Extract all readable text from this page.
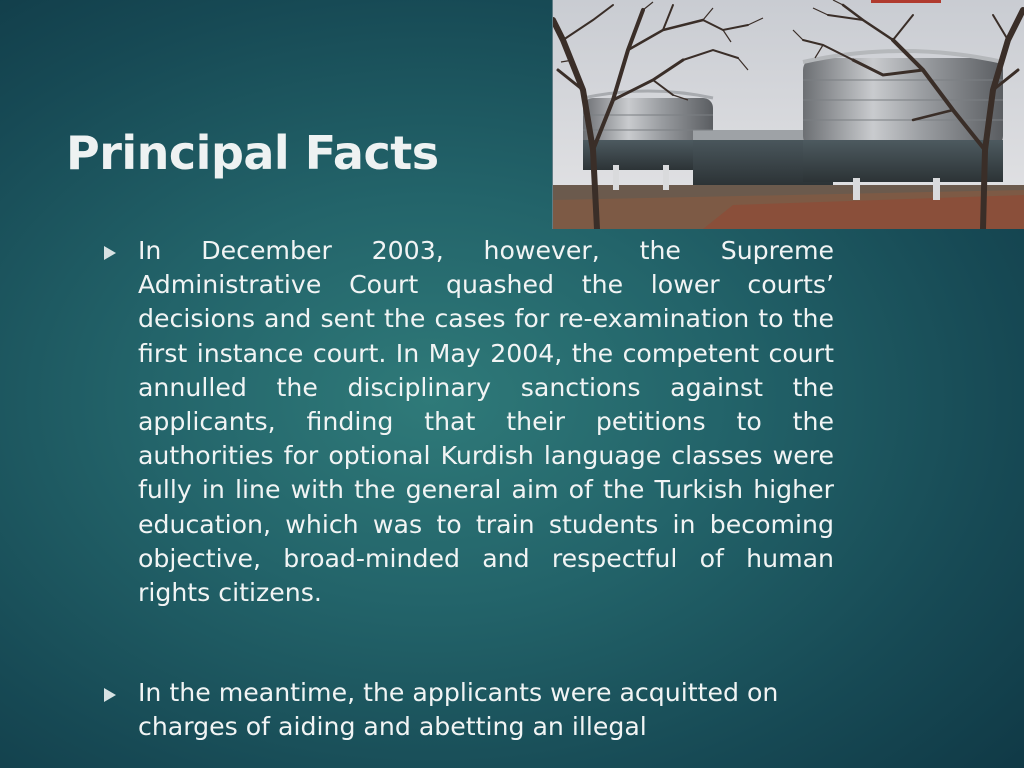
Principal Facts
In December 2003, however, the Supreme Administrative Court quashed the lower courts’ decisions and sent the cases for re-examination to the first instance court. In May 2004, the competent court annulled the disciplinary sanctions against the applicants, finding that their petitions to the authorities for optional Kurdish language classes were fully in line with the general aim of the Turkish higher education, which was to train students in becoming objective, broad-minded and respectful of human rights citizens.
In the meantime, the applicants were acquitted on charges of aiding and abetting an illegal
